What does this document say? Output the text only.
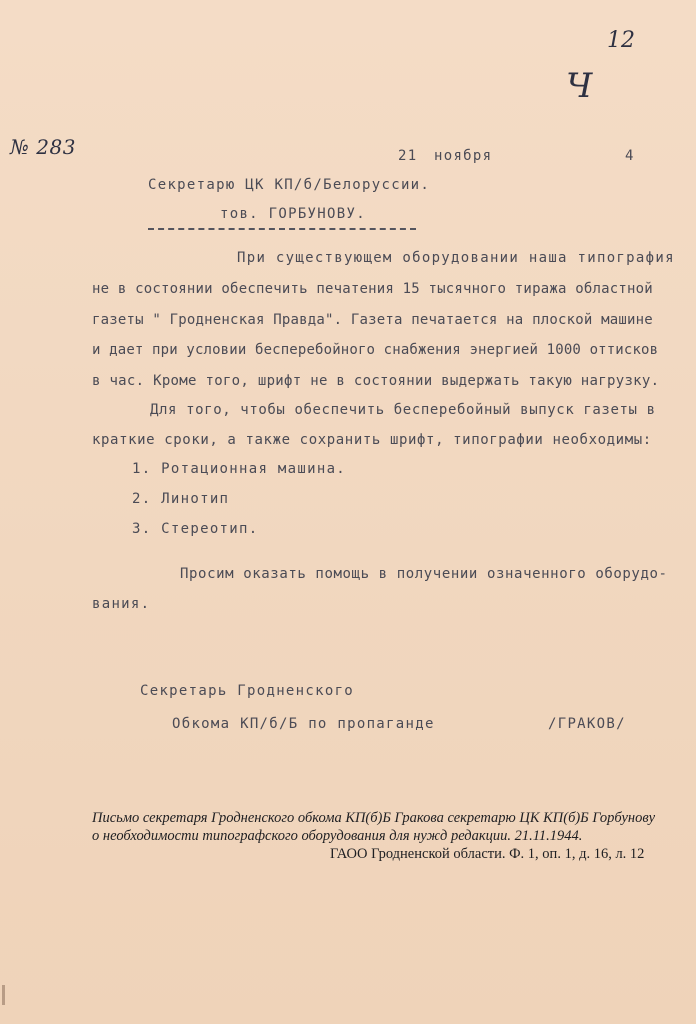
12
Ч
№ 283	21 ноября	4
Секретарю ЦК КП/б/Белоруссии.
тов. ГОРБУНОВУ.
При существующем оборудовании наша типография
не в состоянии обеспечить печатения 15 тысячного тиража областной
газеты " Гродненская Правда". Газета печатается на плоской машине
и дает при условии бесперебойного снабжения энергией 1000 оттисков
в час. Кроме того, шрифт не в состоянии выдержать такую нагрузку.
Для того, чтобы обеспечить бесперебойный выпуск газеты в
краткие сроки, а также сохранить шрифт, типографии необходимы:
1. Ротационная машина.
2. Линотип
3. Стереотип.
Просим оказать помощь в получении означенного оборудо-
вания.
Секретарь Гродненского
Обкома КП/б/Б по пропаганде	/ГРАКОВ/
Письмо секретаря Гродненского обкома КП(б)Б Гракова секретарю ЦК КП(б)Б Горбунову
о необходимости типографского оборудования для нужд редакции. 21.11.1944.
ГАОО Гродненской области. Ф. 1, оп. 1, д. 16, л. 12
